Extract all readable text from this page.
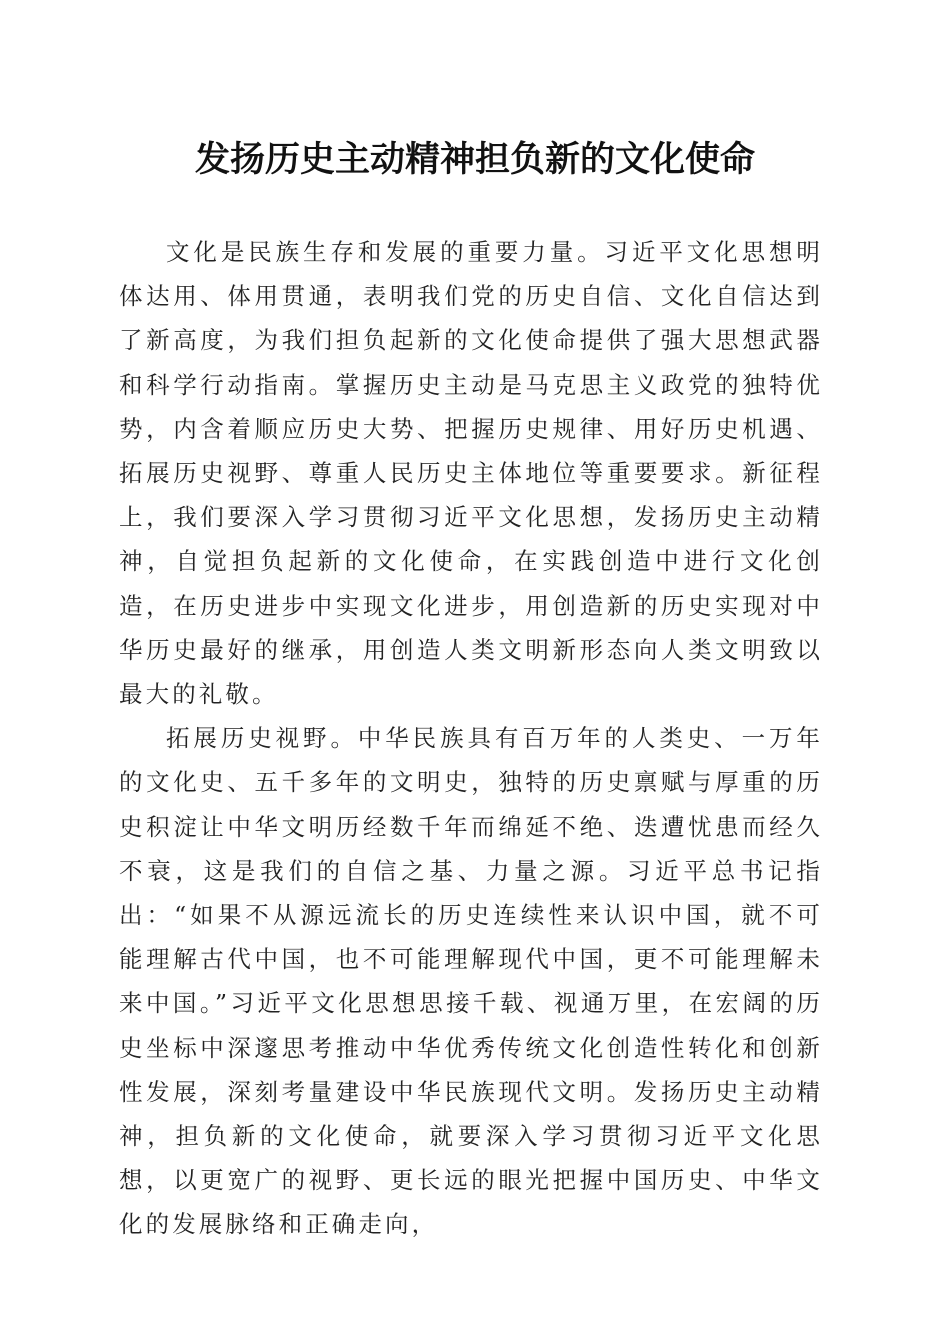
发扬历史主动精神担负新的文化使命

文化是民族生存和发展的重要力量。习近平文化思想明体达用、体用贯通，表明我们党的历史自信、文化自信达到了新高度，为我们担负起新的文化使命提供了强大思想武器和科学行动指南。掌握历史主动是马克思主义政党的独特优势，内含着顺应历史大势、把握历史规律、用好历史机遇、拓展历史视野、尊重人民历史主体地位等重要要求。新征程上，我们要深入学习贯彻习近平文化思想，发扬历史主动精神，自觉担负起新的文化使命，在实践创造中进行文化创造，在历史进步中实现文化进步，用创造新的历史实现对中华历史最好的继承，用创造人类文明新形态向人类文明致以最大的礼敬。

拓展历史视野。中华民族具有百万年的人类史、一万年的文化史、五千多年的文明史，独特的历史禀赋与厚重的历史积淀让中华文明历经数千年而绵延不绝、迭遭忧患而经久不衰，这是我们的自信之基、力量之源。习近平总书记指出：“如果不从源远流长的历史连续性来认识中国，就不可能理解古代中国，也不可能理解现代中国，更不可能理解未来中国。”习近平文化思想思接千载、视通万里，在宏阔的历史坐标中深邃思考推动中华优秀传统文化创造性转化和创新性发展，深刻考量建设中华民族现代文明。发扬历史主动精神，担负新的文化使命，就要深入学习贯彻习近平文化思想，以更宽广的视野、更长远的眼光把握中国历史、中华文化的发展脉络和正确走向，
